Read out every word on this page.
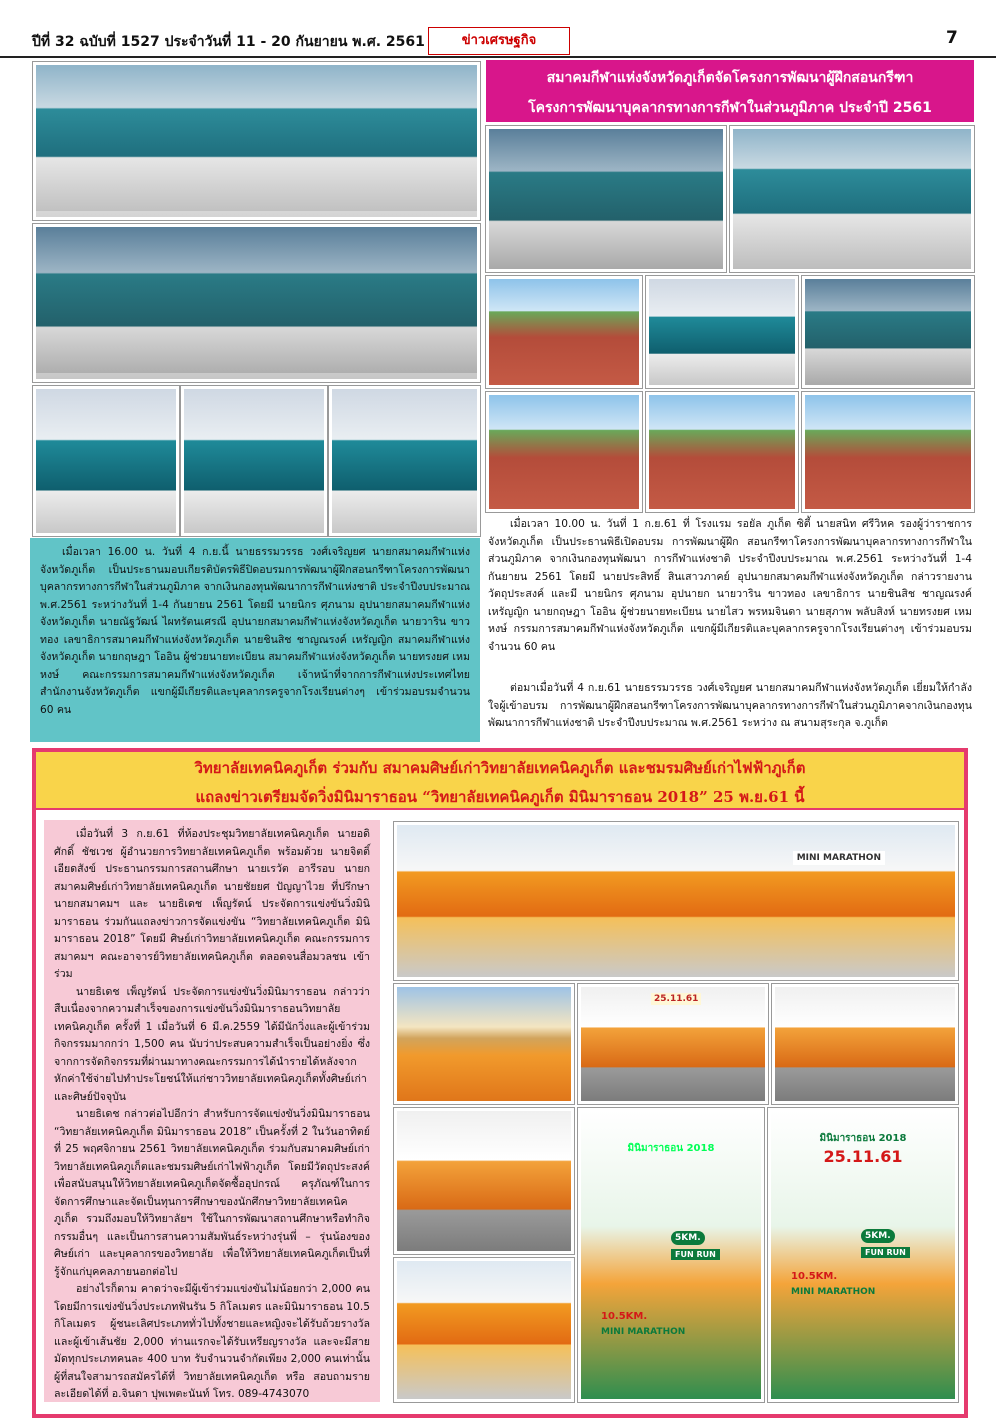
ปีที่ 32 ฉบับที่ 1527 ประจำวันที่ 11 - 20 กันยายน พ.ศ. 2561	ข่าวเศรษฐกิจ	7
สมาคมกีฬาแห่งจังหวัดภูเก็ตจัดโครงการพัฒนาผู้ฝึกสอนกรีฑา
โครงการพัฒนาบุคลากรทางการกีฬาในส่วนภูมิภาค ประจำปี 2561
เมื่อเวลา 16.00 น. วันที่ 4 ก.ย.นี้ นายธรรมวรรธ วงศ์เจริญยศ นายกสมาคมกีฬาแห่งจังหวัดภูเก็ต เป็นประธานมอบเกียรติบัตรพิธีปิดอบรมการพัฒนาผู้ฝึกสอนกรีฑาโครงการพัฒนาบุคลากรทางการกีฬาในส่วนภูมิภาค จากเงินกองทุนพัฒนาการกีฬาแห่งชาติ ประจำปีงบประมาณ พ.ศ.2561 ระหว่างวันที่ 1-4 กันยายน 2561 โดยมี นายนิกร ศุภนาม อุปนายกสมาคมกีฬาแห่งจังหวัดภูเก็ต นายณัฐวัฒน์ ไผทรัตนเศรณี อุปนายกสมาคมกีฬาแห่งจังหวัดภูเก็ต นายวาริน ขาวทอง เลขาธิการสมาคมกีฬาแห่งจังหวัดภูเก็ต นายชินสิช ชาญณรงค์ เหรัญญิก สมาคมกีฬาแห่งจังหวัดภูเก็ต นายกฤษฎา โออิน ผู้ช่วยนายทะเบียน สมาคมกีฬาแห่งจังหวัดภูเก็ต นายทรงยศ เหมหงษ์ คณะกรรมการสมาคมกีฬาแห่งจังหวัดภูเก็ต เจ้าหน้าที่จากการกีฬาแห่งประเทศไทย สำนักงานจังหวัดภูเก็ต แขกผู้มีเกียรติและบุคลากรครูจากโรงเรียนต่างๆ เข้าร่วมอบรมจำนวน 60 คน
เมื่อเวลา 10.00 น. วันที่ 1 ก.ย.61 ที่ โรงแรม รอยัล ภูเก็ต ซิตี้ นายสนิท ศรีวิหค รองผู้ว่าราชการจังหวัดภูเก็ต เป็นประธานพิธีเปิดอบรม การพัฒนาผู้ฝึก สอนกรีฑาโครงการพัฒนาบุคลากรทางการกีฬาในส่วนภูมิภาค จากเงินกองทุนพัฒนา การกีฬาแห่งชาติ ประจำปีงบประมาณ พ.ศ.2561 ระหว่างวันที่ 1-4 กันยายน 2561 โดยมี นายประสิทธิ์ สินเสาวภาคย์ อุปนายกสมาคมกีฬาแห่งจังหวัดภูเก็ต กล่าวรายงานวัตถุประสงค์ และมี นายนิกร ศุภนาม อุปนายก นายวาริน ขาวทอง เลขาธิการ นายชินสิช ชาญณรงค์ เหรัญญิก นายกฤษฎา โออิน ผู้ช่วยนายทะเบียน นายไสว พรหมจินดา นายสุภาพ พลับสิงห์ นายทรงยศ เหมหงษ์ กรรมการสมาคมกีฬาแห่งจังหวัดภูเก็ต แขกผู้มีเกียรติและบุคลากรครูจากโรงเรียนต่างๆ เข้าร่วมอบรมจำนวน 60 คน
ต่อมาเมื่อวันที่ 4 ก.ย.61 นายธรรมวรรธ วงศ์เจริญยศ นายกสมาคมกีฬาแห่งจังหวัดภูเก็ต เยี่ยมให้กำลังใจผู้เข้าอบรม การพัฒนาผู้ฝึกสอนกรีฑาโครงการพัฒนาบุคลากรทางการกีฬาในส่วนภูมิภาคจากเงินกองทุนพัฒนาการกีฬาแห่งชาติ ประจำปีงบประมาณ พ.ศ.2561 ระหว่าง ณ สนามสุระกุล จ.ภูเก็ต
วิทยาลัยเทคนิคภูเก็ต ร่วมกับ สมาคมศิษย์เก่าวิทยาลัยเทคนิคภูเก็ต และชมรมศิษย์เก่าไฟฟ้าภูเก็ต
แถลงข่าวเตรียมจัดวิ่งมินิมาราธอน “วิทยาลัยเทคนิคภูเก็ต มินิมาราธอน 2018” 25 พ.ย.61 นี้

เมื่อวันที่ 3 ก.ย.61 ที่ห้องประชุมวิทยาลัยเทคนิคภูเก็ต นายอดิศักดิ์ ชัชเวช ผู้อำนวยการวิทยาลัยเทคนิคภูเก็ต พร้อมด้วย นายจิตติ์ เอียดสังข์ ประธานกรรมการสถานศึกษา นายเรวัต อารีรอบ นายกสมาคมศิษย์เก่าวิทยาลัยเทคนิคภูเก็ต นายชัยยศ ปัญญาไวย ที่ปรึกษานายกสมาคมฯ และ นายธิเดช เพ็ญรัตน์ ประจัดการแข่งขันวิ่งมินิมาราธอน ร่วมกันแถลงข่าวการจัดแข่งขัน “วิทยาลัยเทคนิคภูเก็ต มินิมาราธอน 2018” โดยมี ศิษย์เก่าวิทยาลัยเทคนิคภูเก็ต คณะกรรมการสมาคมฯ คณะอาจารย์วิทยาลัยเทคนิคภูเก็ต ตลอดจนสื่อมวลชน เข้าร่วม

นายธิเดช เพ็ญรัตน์ ประจัดการแข่งขันวิ่งมินิมาราธอน กล่าวว่า สืบเนื่องจากความสำเร็จของการแข่งขันวิ่งมินิมาราธอนวิทยาลัยเทคนิคภูเก็ต ครั้งที่ 1 เมื่อวันที่ 6 มี.ค.2559 ได้มีนักวิ่งและผู้เข้าร่วมกิจกรรมมากกว่า 1,500 คน นับว่าประสบความสำเร็จเป็นอย่างยิ่ง ซึ่งจากการจัดกิจกรรมที่ผ่านมาทางคณะกรรมการได้นำรายได้หลังจากหักค่าใช้จ่ายไปทำประโยชน์ให้แก่ชาววิทยาลัยเทคนิคภูเก็ตทั้งศิษย์เก่าและศิษย์ปัจจุบัน

นายธิเดช กล่าวต่อไปอีกว่า สำหรับการจัดแข่งขันวิ่งมินิมาราธอน “วิทยาลัยเทคนิคภูเก็ต มินิมาราธอน 2018” เป็นครั้งที่ 2 ในวันอาทิตย์ที่ 25 พฤศจิกายน 2561 วิทยาลัยเทคนิคภูเก็ต ร่วมกับสมาคมศิษย์เก่าวิทยาลัยเทคนิคภูเก็ตและชมรมศิษย์เก่าไฟฟ้าภูเก็ต โดยมีวัตถุประสงค์ เพื่อสนับสนุนให้วิทยาลัยเทคนิคภูเก็ตจัดซื้ออุปกรณ์ ครุภัณฑ์ในการจัดการศึกษาและจัดเป็นทุนการศึกษาของนักศึกษาวิทยาลัยเทคนิคภูเก็ต รวมถึงมอบให้วิทยาลัยฯ ใช้ในการพัฒนาสถานศึกษาหรือทำกิจกรรมอื่นๆ และเป็นการสานความสัมพันธ์ระหว่างรุ่นพี่ – รุ่นน้องของศิษย์เก่า และบุคลากรของวิทยาลัย เพื่อให้วิทยาลัยเทคนิคภูเก็ตเป็นที่รู้จักแก่บุคคลภายนอกต่อไป

อย่างไรก็ตาม คาดว่าจะมีผู้เข้าร่วมแข่งขันไม่น้อยกว่า 2,000 คน โดยมีการแข่งขันวิ่งประเภทฟันรัน 5 กิโลเมตร และมินิมาราธอน 10.5 กิโลเมตร ผู้ชนะเลิศประเภททั่วไปทั้งชายและหญิงจะได้รับถ้วยรางวัล และผู้เข้าเส้นชัย 2,000 ท่านแรกจะได้รับเหรียญรางวัล และจะมีสายมัดทุกประเภทคนละ 400 บาท รับจำนวนจำกัดเพียง 2,000 คนเท่านั้น ผู้ที่สนใจสามารถสมัครได้ที่ วิทยาลัยเทคนิคภูเก็ต หรือ สอบถามรายละเอียดได้ที่ อ.จินดา ปุพเพตะนันท์ โทร. 089-4743070

MINI MARATHON
25.11.61
มินิมาราธอน 2018
5KM.
FUN RUN
10.5KM.
MINI MARATHON
มินิมาราธอน 2018
25.11.61
5KM.
FUN RUN
10.5KM.
MINI MARATHON
